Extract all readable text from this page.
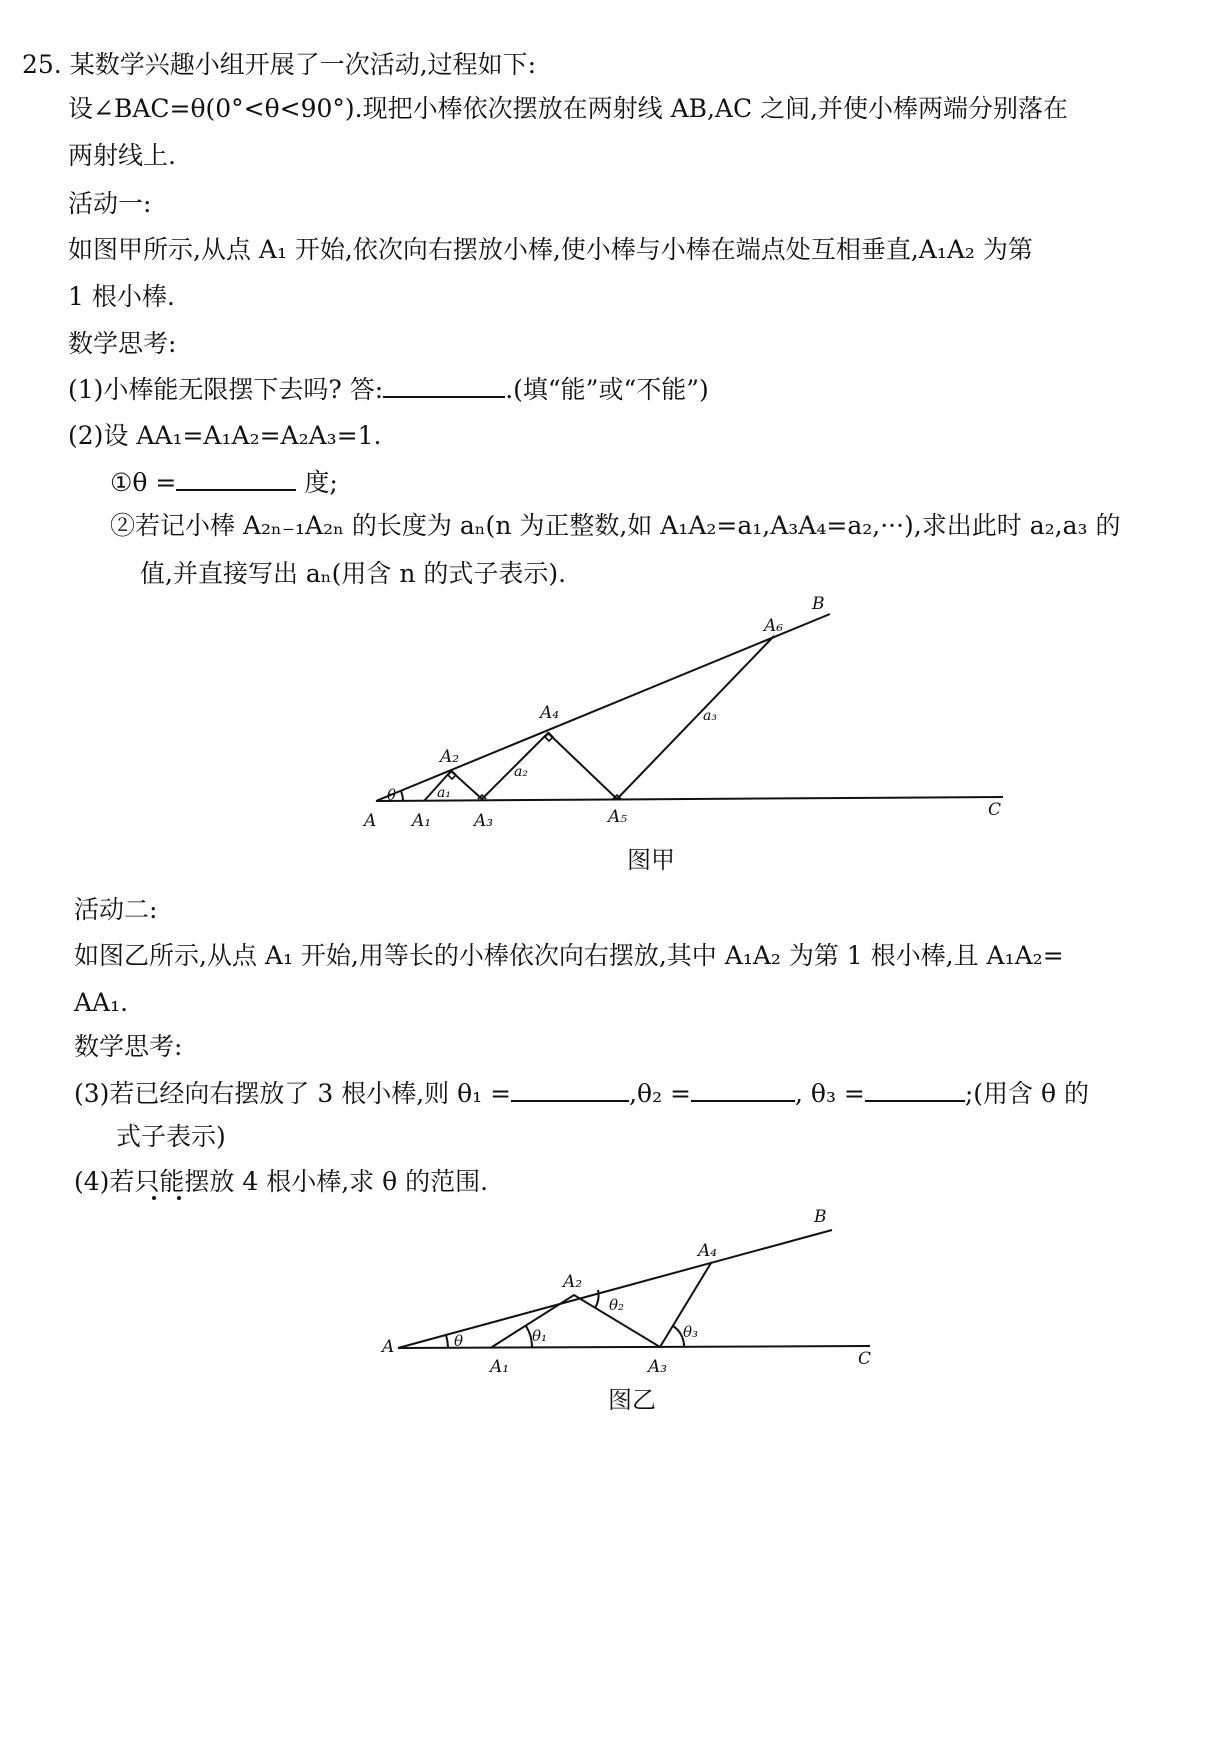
25. 某数学兴趣小组开展了一次活动,过程如下:
设∠BAC=θ(0°<θ<90°).现把小棒依次摆放在两射线 AB,AC 之间,并使小棒两端分别落在
两射线上.
活动一:
如图甲所示,从点 A₁ 开始,依次向右摆放小棒,使小棒与小棒在端点处互相垂直,A₁A₂ 为第
1 根小棒.
数学思考:
(1)小棒能无限摆下去吗? 答:	.(填“能”或“不能”)
(2)设 AA₁=A₁A₂=A₂A₃=1.
①θ =	度;
②若记小棒 A₂ₙ₋₁A₂ₙ 的长度为 aₙ(n 为正整数,如 A₁A₂=a₁,A₃A₄=a₂,···),求出此时 a₂,a₃ 的
值,并直接写出 aₙ(用含 n 的式子表示).
A A₁	A₃	A₅	C
A₂
A₄
A₆
B
θ	a₁
a₂
a₃
图甲
活动二:
如图乙所示,从点 A₁ 开始,用等长的小棒依次向右摆放,其中 A₁A₂ 为第 1 根小棒,且 A₁A₂=
AA₁.
数学思考:
(3)若已经向右摆放了 3 根小棒,则 θ₁ =	,θ₂ =	, θ₃ =	;(用含 θ 的
式子表示)
(4)若只能摆放 4 根小棒,求 θ 的范围.
A
A₁
A₂
A₃
A₄
B
C
θ	θ₁
θ₂
θ₃
图乙
